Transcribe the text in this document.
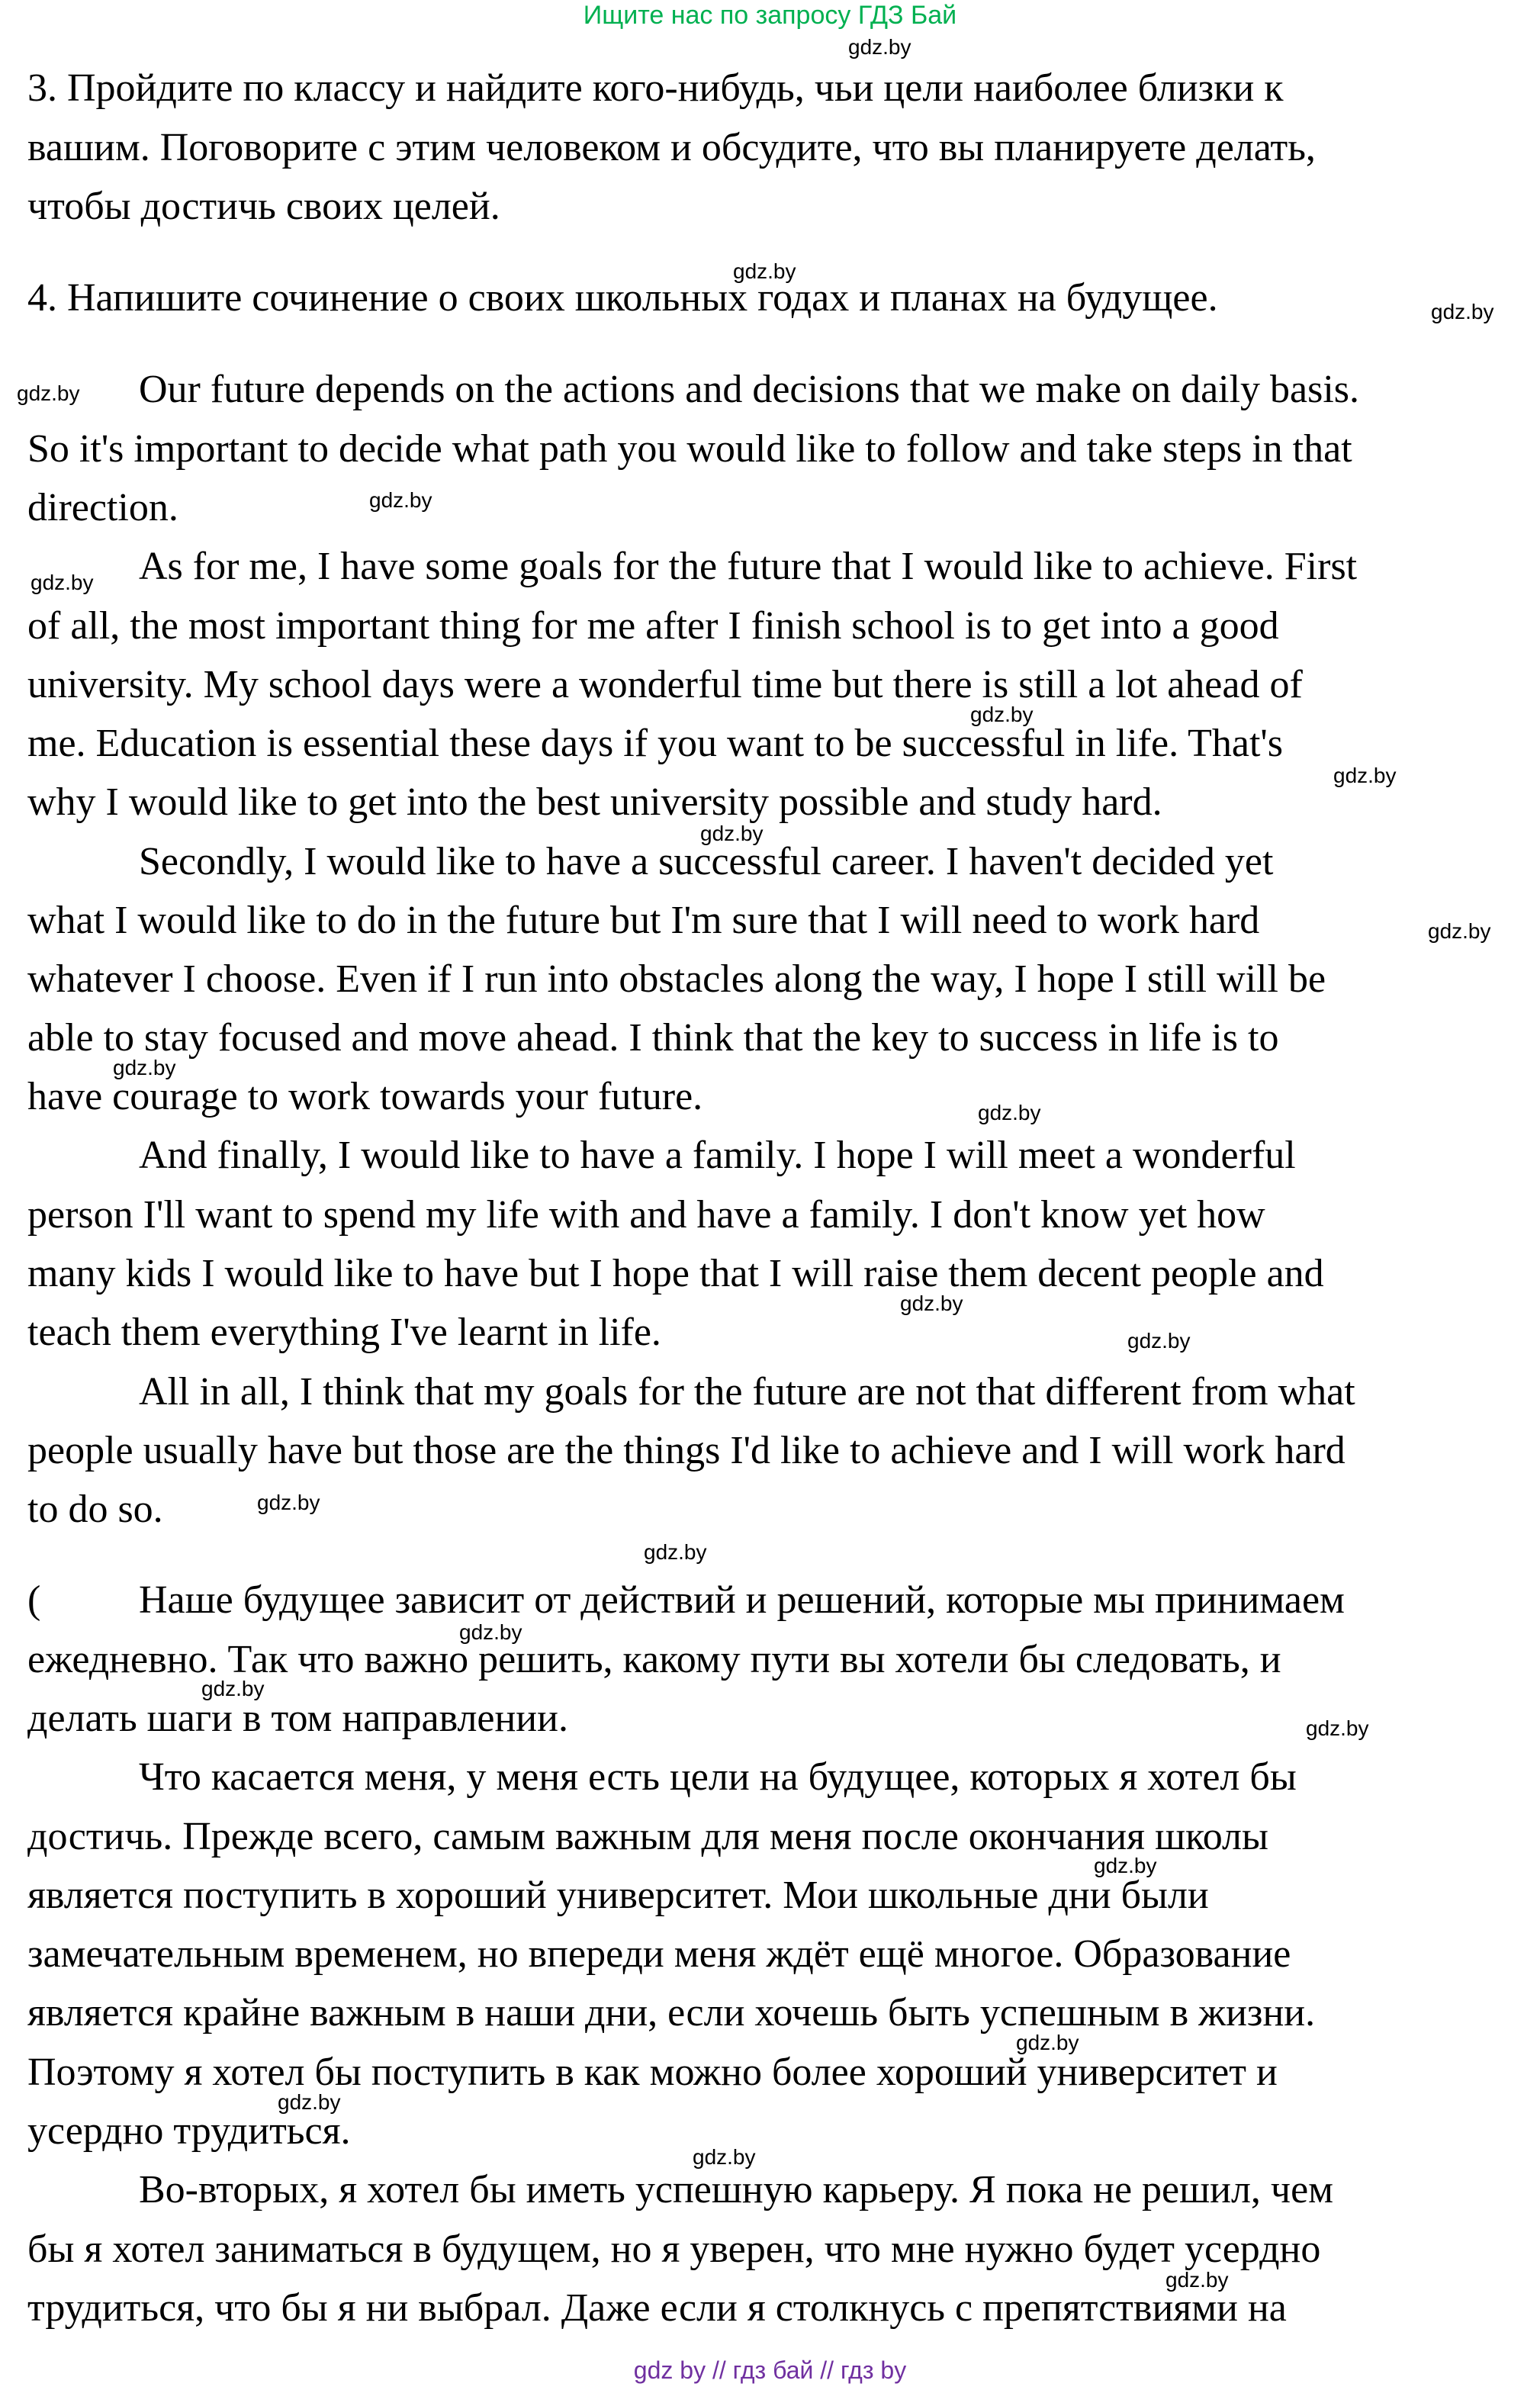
Ищите нас по запросу ГДЗ Бай
3. Пройдите по классу и найдите кого-нибудь, чьи цели наиболее близки к
вашим. Поговорите с этим человеком и обсудите, что вы планируете делать,
чтобы достичь своих целей.
4. Напишите сочинение о своих школьных годах и планах на будущее.
Our future depends on the actions and decisions that we make on daily basis.
So it's important to decide what path you would like to follow and take steps in that
direction.
As for me, I have some goals for the future that I would like to achieve. First
of all, the most important thing for me after I finish school is to get into a good
university. My school days were a wonderful time but there is still a lot ahead of
me. Education is essential these days if you want to be successful in life. That's
why I would like to get into the best university possible and study hard.
Secondly, I would like to have a successful career. I haven't decided yet
what I would like to do in the future but I'm sure that I will need to work hard
whatever I choose. Even if I run into obstacles along the way, I hope I still will be
able to stay focused and move ahead. I think that the key to success in life is to
have courage to work towards your future.
And finally, I would like to have a family. I hope I will meet a wonderful
person I'll want to spend my life with and have a family. I don't know yet how
many kids I would like to have but I hope that I will raise them decent people and
teach them everything I've learnt in life.
All in all, I think that my goals for the future are not that different from what
people usually have but those are the things I'd like to achieve and I will work hard
to do so.
( Наше будущее зависит от действий и решений, которые мы принимаем
ежедневно. Так что важно решить, какому пути вы хотели бы следовать, и
делать шаги в том направлении.
Что касается меня, у меня есть цели на будущее, которых я хотел бы
достичь. Прежде всего, самым важным для меня после окончания школы
является поступить в хороший университет. Мои школьные дни были
замечательным временем, но впереди меня ждёт ещё многое. Образование
является крайне важным в наши дни, если хочешь быть успешным в жизни.
Поэтому я хотел бы поступить в как можно более хороший университет и
усердно трудиться.
Во-вторых, я хотел бы иметь успешную карьеру. Я пока не решил, чем
бы я хотел заниматься в будущем, но я уверен, что мне нужно будет усердно
трудиться, что бы я ни выбрал. Даже если я столкнусь с препятствиями на
gdz.by
gdz.by
gdz.by
gdz.by
gdz.by
gdz.by
gdz.by
gdz.by
gdz.by
gdz.by
gdz.by
gdz.by
gdz.by
gdz.by
gdz.by
gdz.by
gdz.by
gdz.by
gdz.by
gdz.by
gdz.by
gdz.by
gdz.by
gdz.by
gdz by // гдз бай // гдз by
